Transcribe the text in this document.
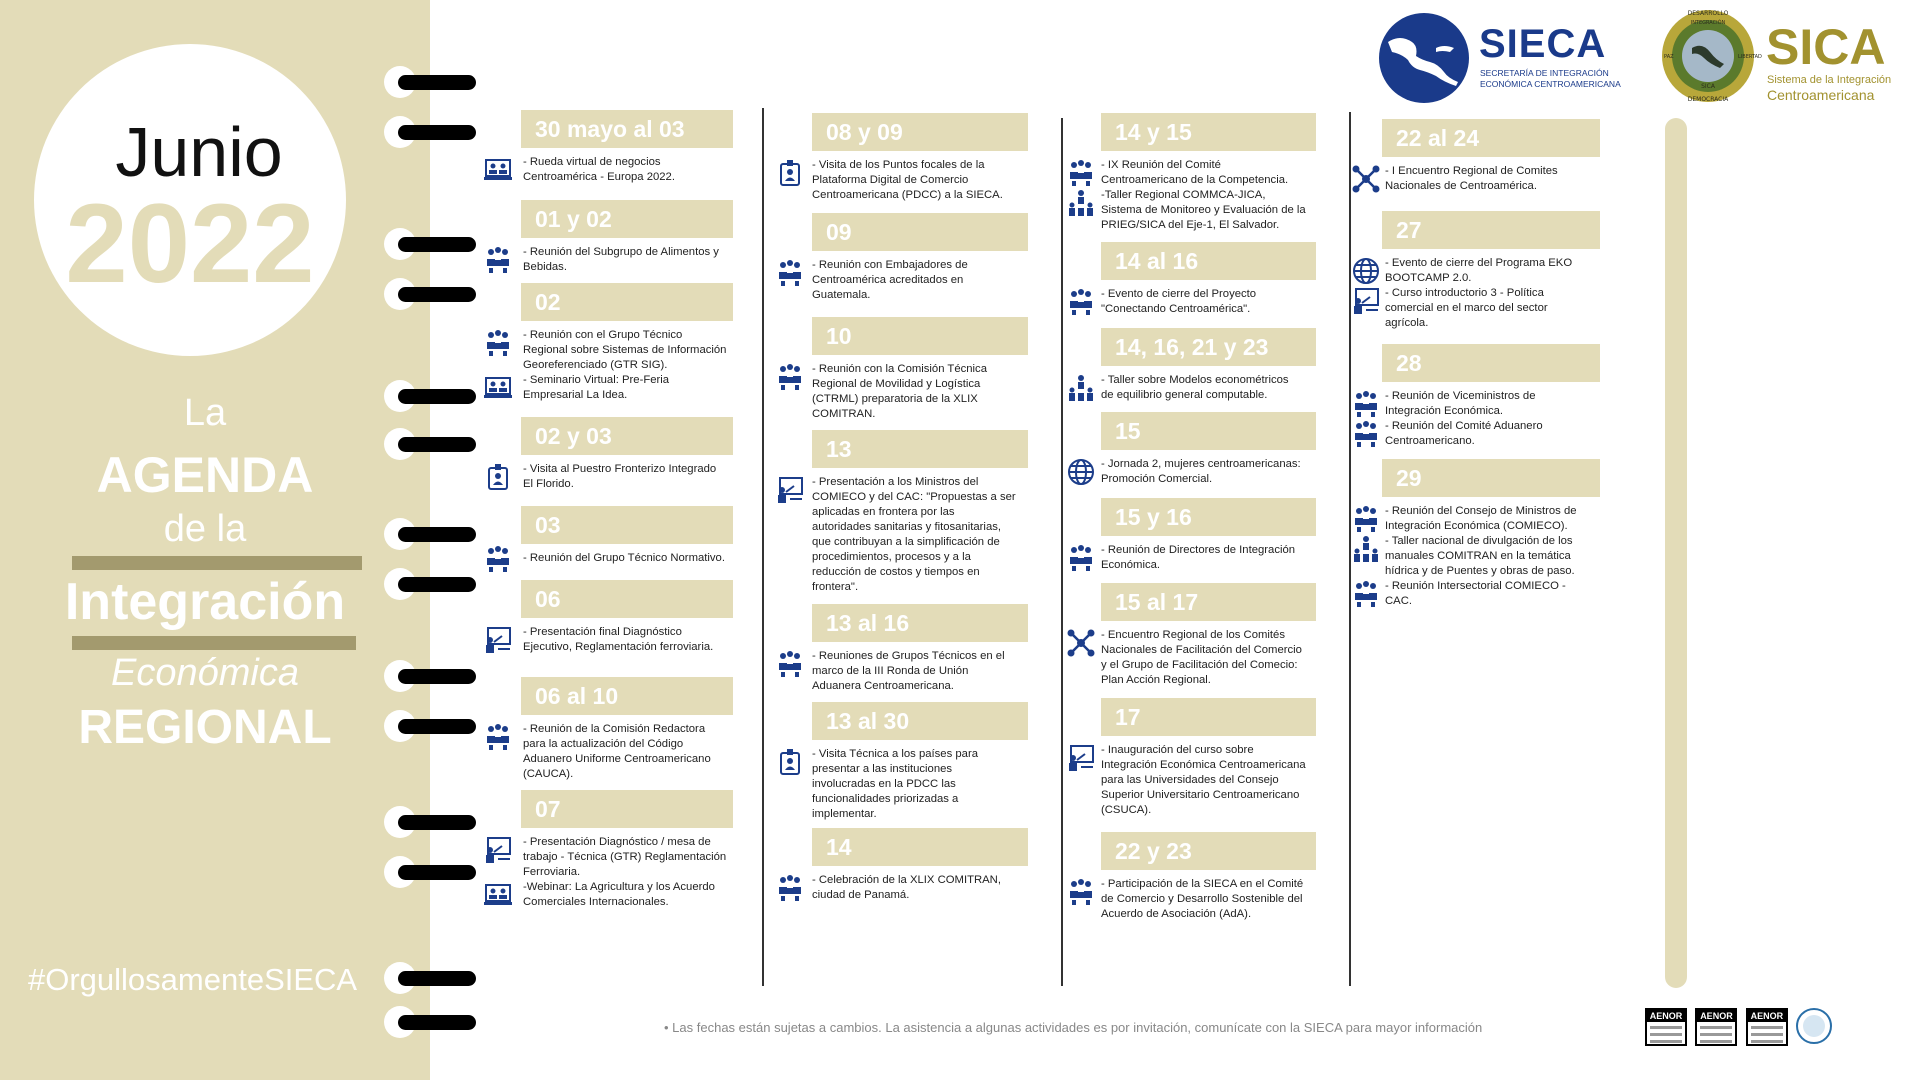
Junio
2022
La
AGENDA
de la
Integración
Económica
REGIONAL
#OrgullosamenteSIECA
30 mayo al 03
- Rueda virtual de negocios
Centroamérica - Europa 2022.
01 y 02
- Reunión del Subgrupo de Alimentos y
Bebidas.
02
- Reunión con el Grupo Técnico
Regional sobre Sistemas de Información
Georeferenciado (GTR SIG).
- Seminario Virtual: Pre-Feria
Empresarial La Idea.
02 y 03
- Visita al Puestro Fronterizo Integrado
El Florido.
03
- Reunión del Grupo Técnico Normativo.
06
- Presentación final Diagnóstico
Ejecutivo, Reglamentación ferroviaria.
06 al 10
- Reunión de la Comisión Redactora
para la actualización del Código
Aduanero Uniforme Centroamericano
(CAUCA).
07
- Presentación Diagnóstico / mesa de
trabajo - Técnica (GTR) Reglamentación
Ferroviaria.
-Webinar: La Agricultura y los Acuerdo
Comerciales Internacionales.
08 y 09
- Visita de los Puntos focales de la
Plataforma Digital de Comercio
Centroamericana (PDCC) a la SIECA.
09
- Reunión con Embajadores de
Centroamérica acreditados en
Guatemala.
10
- Reunión con la Comisión Técnica
Regional de Movilidad y Logística
(CTRML) preparatoria de la XLIX
COMITRAN.
13
- Presentación a los Ministros del
COMIECO y del CAC: "Propuestas a ser
aplicadas en frontera por las
autoridades sanitarias y fitosanitarias,
que contribuyan a la simplificación de
procedimientos, procesos y a la
reducción de costos y tiempos en
frontera".
13 al 16
- Reuniones de Grupos Técnicos en el
marco de la III Ronda de Unión
Aduanera Centroamericana.
13 al 30
- Visita Técnica a los países para
presentar a las instituciones
involucradas en la PDCC las
funcionalidades priorizadas a
implementar.
14
- Celebración de la XLIX COMITRAN,
ciudad de Panamá.
14 y 15
- IX Reunión del Comité
Centroamericano de la Competencia.
-Taller Regional COMMCA-JICA,
Sistema de Monitoreo y Evaluación de la
PRIEG/SICA del Eje-1, El Salvador.
14 al 16
- Evento de cierre del Proyecto
"Conectando Centroamérica".
14, 16, 21 y 23
- Taller sobre Modelos econométricos
de equilibrio general computable.
15
- Jornada 2, mujeres centroamericanas:
Promoción Comercial.
15 y 16
- Reunión de Directores de Integración
Económica.
15 al 17
- Encuentro Regional de los Comités
Nacionales de Facilitación del Comercio
y el Grupo de Facilitación del Comecio:
Plan Acción Regional.
17
- Inauguración del curso sobre
Integración Económica Centroamericana
para las Universidades del Consejo
Superior Universitario Centroamericano
(CSUCA).
22 y 23
- Participación de la SIECA en el Comité
de Comercio y Desarrollo Sostenible del
Acuerdo de Asociación (AdA).
22 al 24
- I Encuentro Regional de Comites
Nacionales de Centroamérica.
27
- Evento de cierre del Programa EKO
BOOTCAMP 2.0.
- Curso introductorio 3 - Política
comercial en el marco del sector
agrícola.
28
- Reunión de Viceministros de
Integración Económica.
- Reunión del Comité Aduanero
Centroamericano.
29
- Reunión del Consejo de Ministros de
Integración Económica (COMIECO).
- Taller nacional de divulgación de los
manuales COMITRAN en la temática
hídrica y de Puentes y obras de paso.
- Reunión Intersectorial COMIECO -
CAC.
SIECA
SECRETARÍA DE INTEGRACIÓN
ECONÓMICA CENTROAMERICANA
DESARROLLO
DEMOCRACIA
INTEGRACIÓN
PAZ	LIBERTAD
SICA
SICA
Sistema de la Integración
Centroamericana
• Las fechas están sujetas a cambios. La asistencia a algunas actividades es por invitación, comunícate con la SIECA para mayor información
AENOR
	AENOR
	AENOR
